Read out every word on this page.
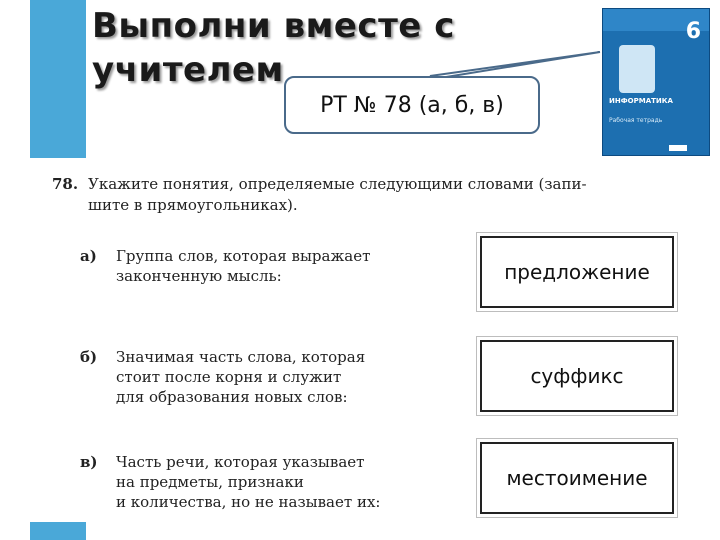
Выполни вместе с
учителем
РТ № 78 (а, б, в)
6
ИНФОРМАТИКА
Рабочая тетрадь
78. Укажите понятия, определяемые следующими словами (запи-
шите в прямоугольниках).
а) Группа слов, которая выражает
законченную мысль:	предложение
б) Значимая часть слова, которая
стоит после корня и служит
для образования новых слов:
суффикс
в) Часть речи, которая указывает
на предметы, признаки
и количества, но не называет их:
местоимение
